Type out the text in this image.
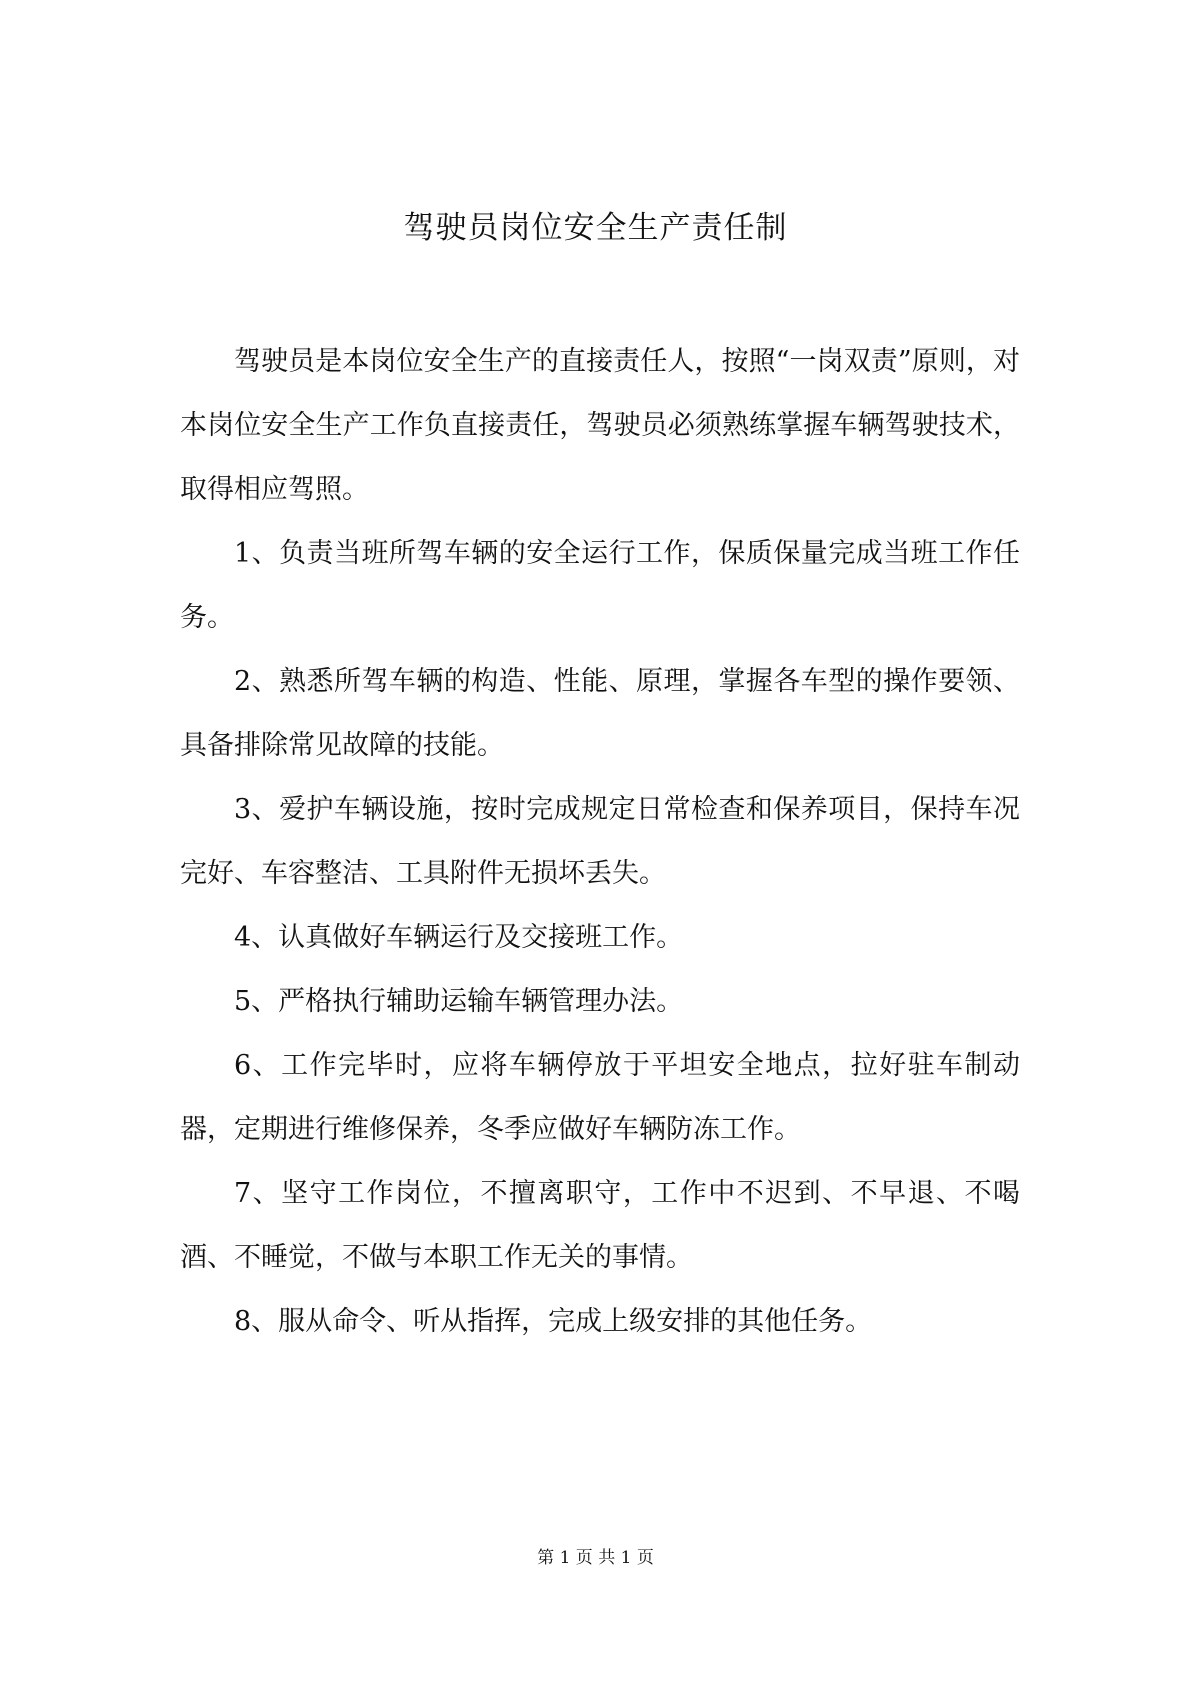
驾驶员岗位安全生产责任制

驾驶员是本岗位安全生产的直接责任人，按照“一岗双责”原则，对本岗位安全生产工作负直接责任，驾驶员必须熟练掌握车辆驾驶技术，取得相应驾照。

1、负责当班所驾车辆的安全运行工作，保质保量完成当班工作任务。

2、熟悉所驾车辆的构造、性能、原理，掌握各车型的操作要领、具备排除常见故障的技能。

3、爱护车辆设施，按时完成规定日常检查和保养项目，保持车况完好、车容整洁、工具附件无损坏丢失。

4、认真做好车辆运行及交接班工作。

5、严格执行辅助运输车辆管理办法。

6、工作完毕时，应将车辆停放于平坦安全地点，拉好驻车制动器，定期进行维修保养，冬季应做好车辆防冻工作。

7、坚守工作岗位，不擅离职守，工作中不迟到、不早退、不喝酒、不睡觉，不做与本职工作无关的事情。

8、服从命令、听从指挥，完成上级安排的其他任务。

第 1 页 共 1 页
